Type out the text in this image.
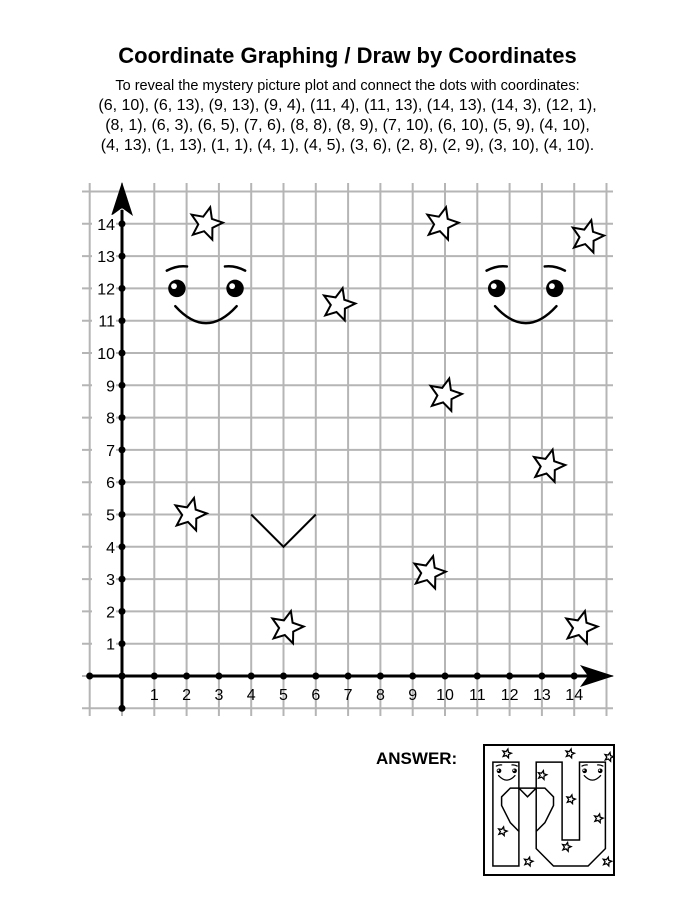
Coordinate Graphing / Draw by Coordinates
To reveal the mystery picture plot and connect the dots with coordinates:
(6, 10), (6, 13), (9, 13), (9, 4), (11, 4), (11, 13), (14, 13), (14, 3), (12, 1),
(8, 1), (6, 3), (6, 5), (7, 6), (8, 8), (8, 9), (7, 10), (6, 10), (5, 9), (4, 10),
(4, 13), (1, 13), (1, 1), (4, 1), (4, 5), (3, 6), (2, 8), (2, 9), (3, 10), (4, 10).
1 2 3 4 5 6 7 8 9 10 11 12 13 14
1
2
3
4
5
6
7
8
9
10
11
12
13
14
ANSWER:
